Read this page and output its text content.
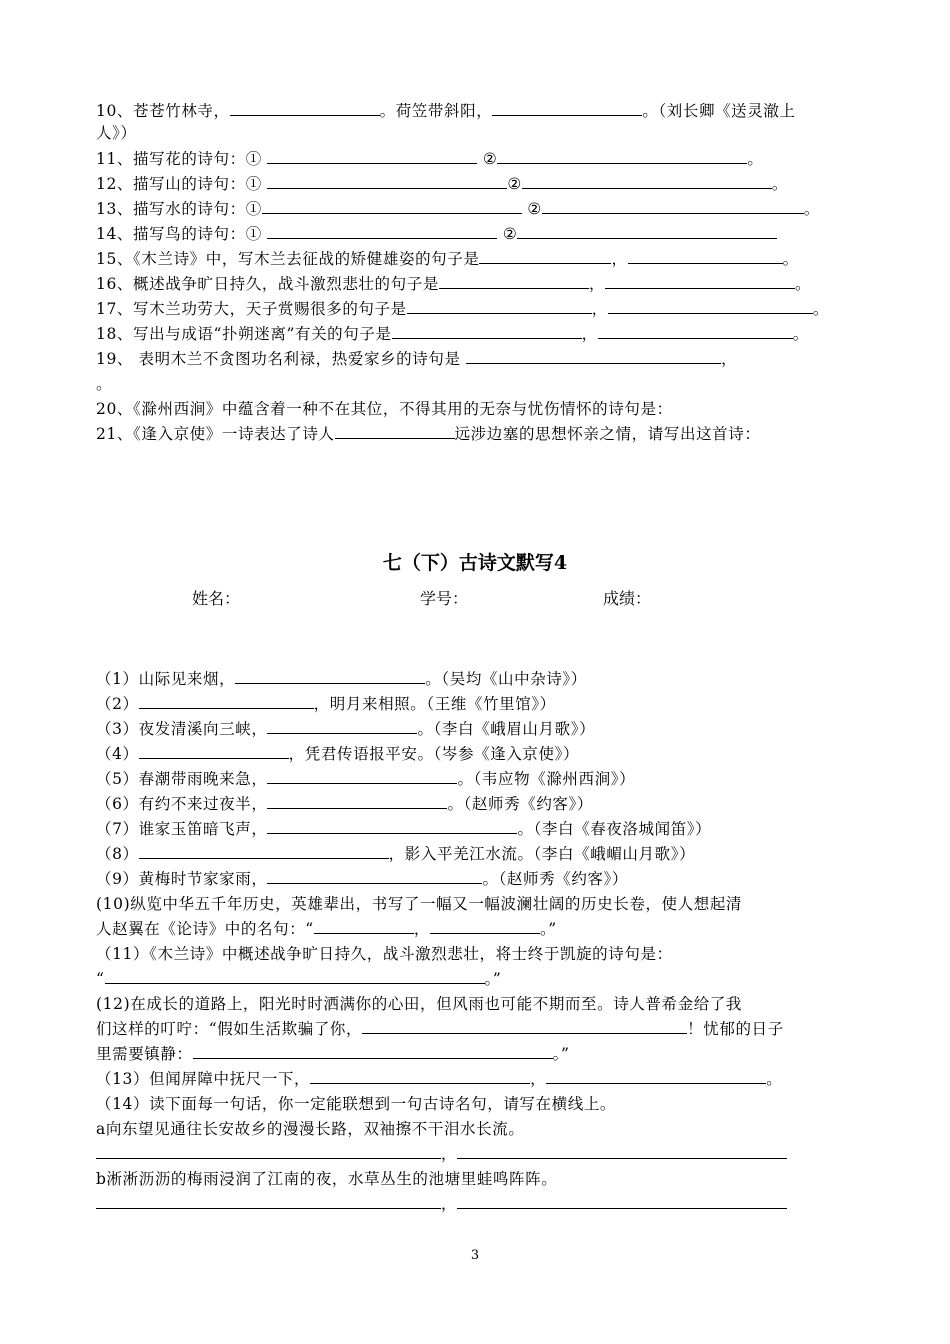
10、苍苍竹林寺，	。荷笠带斜阳，	。（刘长卿《送灵澈上
人》）
11、描写花的诗句：①	②	。
12、描写山的诗句：①	②	。
13、描写水的诗句：①	②	。
14、描写鸟的诗句：①	②
15、《木兰诗》中，写木兰去征战的矫健雄姿的句子是	，	。
16、概述战争旷日持久，战斗激烈悲壮的句子是	，	。
17、写木兰功劳大，天子赏赐很多的句子是	，	。
18、写出与成语“扑朔迷离”有关的句子是	，	。
19、 表明木兰不贪图功名利禄，热爱家乡的诗句是	，
。
20、《滁州西涧》中蕴含着一种不在其位，不得其用的无奈与忧伤情怀的诗句是：
21、《逢入京使》一诗表达了诗人	远涉边塞的思想怀亲之情，请写出这首诗：
七（下）古诗文默写4
姓名：	学号：	成绩：
（1）山际见来烟，	。（吴均《山中杂诗》）
（2）	，明月来相照。（王维《竹里馆》）
（3）夜发清溪向三峡，	。（李白《峨眉山月歌》）
（4）	，凭君传语报平安。（岑参《逢入京使》）
（5）春潮带雨晚来急，	。（韦应物《滁州西涧》）
（6）有约不来过夜半，	。（赵师秀《约客》）
（7）谁家玉笛暗飞声，	。（李白《春夜洛城闻笛》）
（8）	，影入平羌江水流。（李白《峨嵋山月歌》）
（9）黄梅时节家家雨，	。（赵师秀《约客》）
(10)纵览中华五千年历史，英雄辈出，书写了一幅又一幅波澜壮阔的历史长卷，使人想起清
人赵翼在《论诗》中的名句：“	，	。”
（11）《木兰诗》中概述战争旷日持久，战斗激烈悲壮，将士终于凯旋的诗句是：
“	。”
(12)在成长的道路上，阳光时时洒满你的心田，但风雨也可能不期而至。诗人普希金给了我
们这样的叮咛：“假如生活欺骗了你，	！忧郁的日子
里需要镇静：	。”
（13）但闻屏障中抚尺一下，	，	。
（14）读下面每一句话，你一定能联想到一句古诗名句，请写在横线上。
a向东望见通往长安故乡的漫漫长路，双袖擦不干泪水长流。
，
b淅淅沥沥的梅雨浸润了江南的夜，水草丛生的池塘里蛙鸣阵阵。
，
3
